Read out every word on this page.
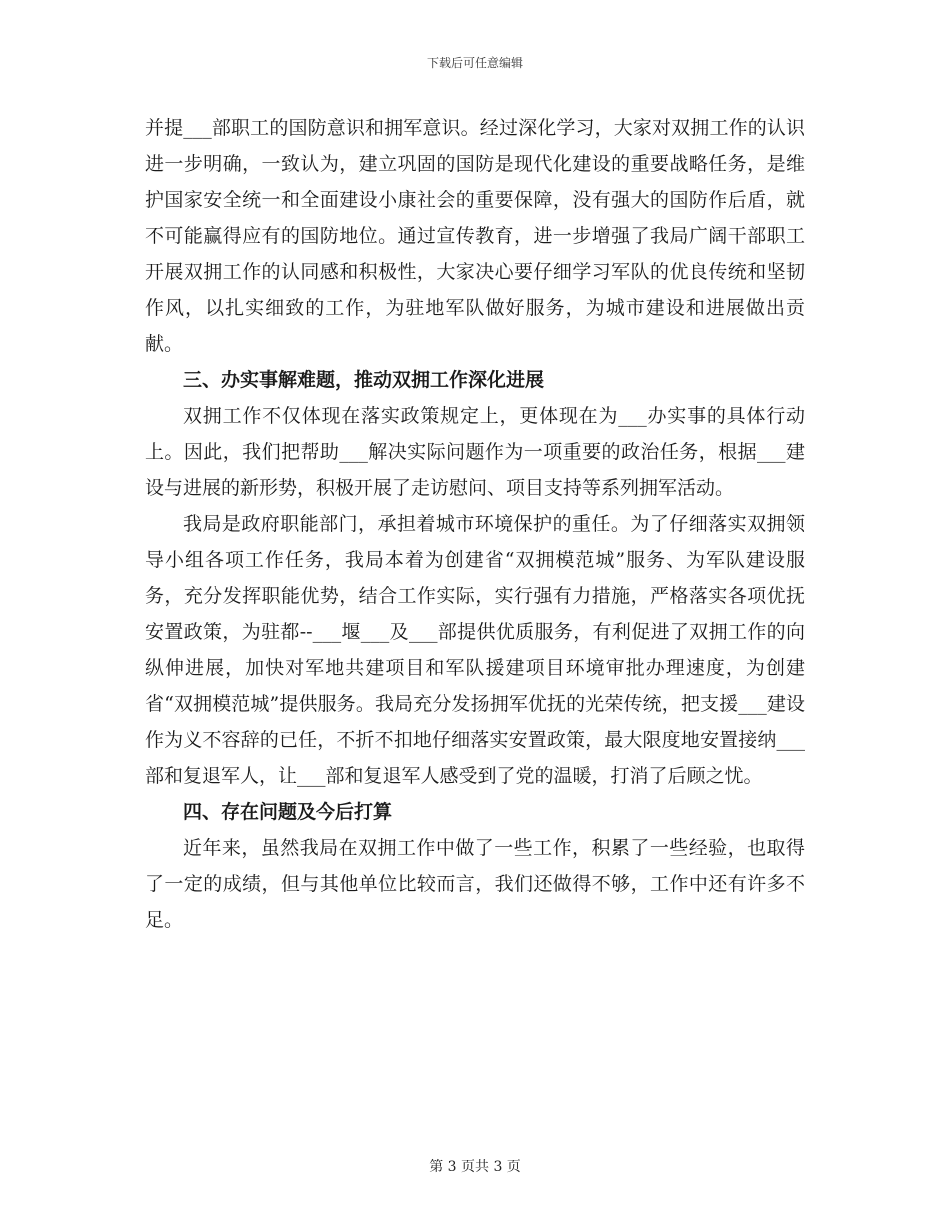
下载后可任意编辑

并提___部职工的国防意识和拥军意识。经过深化学习，大家对双拥工作的认识进一步明确，一致认为，建立巩固的国防是现代化建设的重要战略任务，是维护国家安全统一和全面建设小康社会的重要保障，没有强大的国防作后盾，就不可能赢得应有的国防地位。通过宣传教育，进一步增强了我局广阔干部职工开展双拥工作的认同感和积极性，大家决心要仔细学习军队的优良传统和坚韧作风，以扎实细致的工作，为驻地军队做好服务，为城市建设和进展做出贡献。

三、办实事解难题，推动双拥工作深化进展

双拥工作不仅体现在落实政策规定上，更体现在为___办实事的具体行动上。因此，我们把帮助___解决实际问题作为一项重要的政治任务，根据___建设与进展的新形势，积极开展了走访慰问、项目支持等系列拥军活动。

我局是政府职能部门，承担着城市环境保护的重任。为了仔细落实双拥领导小组各项工作任务，我局本着为创建省“双拥模范城”服务、为军队建设服务，充分发挥职能优势，结合工作实际，实行强有力措施，严格落实各项优抚安置政策，为驻都--___堰___及___部提供优质服务，有利促进了双拥工作的向纵伸进展，加快对军地共建项目和军队援建项目环境审批办理速度，为创建省“双拥模范城”提供服务。我局充分发扬拥军优抚的光荣传统，把支援___建设作为义不容辞的已任，不折不扣地仔细落实安置政策，最大限度地安置接纳___部和复退军人，让___部和复退军人感受到了党的温暖，打消了后顾之忧。

四、存在问题及今后打算

近年来，虽然我局在双拥工作中做了一些工作，积累了一些经验，也取得了一定的成绩，但与其他单位比较而言，我们还做得不够，工作中还有许多不足。

第 3 页共 3 页
